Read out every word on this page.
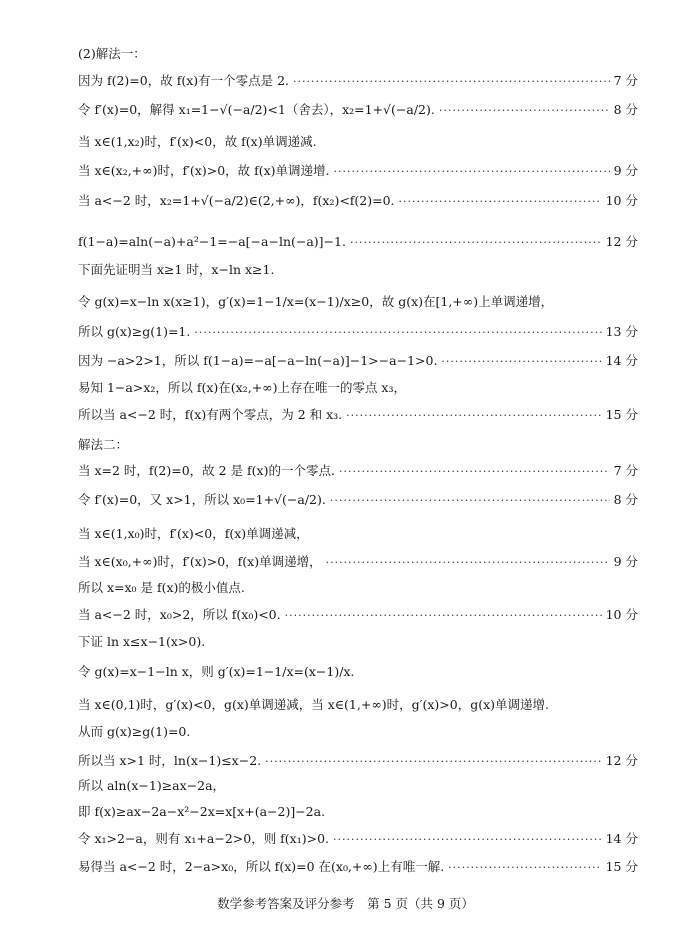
(2)解法一：
因为 f(2)=0，故 f(x)有一个零点是 2. ·····	7 分
令 f′(x)=0，解得 x₁=1−√(−a/2)<1（舍去），x₂=1+√(−a/2). ·····	8 分
当 x∈(1,x₂)时，f′(x)<0，故 f(x)单调递减.
当 x∈(x₂,+∞)时，f′(x)>0，故 f(x)单调递增. ·····	9 分
当 a<−2 时，x₂=1+√(−a/2)∈(2,+∞)，f(x₂)<f(2)=0. ·····	10 分
f(1−a)=aln(−a)+a²−1=−a[−a−ln(−a)]−1. ·····	12 分
下面先证明当 x≥1 时，x−ln x≥1.
令 g(x)=x−ln x(x≥1)，g′(x)=1−1/x=(x−1)/x≥0，故 g(x)在[1,+∞)上单调递增，
所以 g(x)≥g(1)=1. ·····	13 分
因为 −a>2>1，所以 f(1−a)=−a[−a−ln(−a)]−1>−a−1>0. ·····	14 分
易知 1−a>x₂，所以 f(x)在(x₂,+∞)上存在唯一的零点 x₃，
所以当 a<−2 时，f(x)有两个零点，为 2 和 x₃. ·····	15 分
解法二：
当 x=2 时，f(2)=0，故 2 是 f(x)的一个零点. ·····	7 分
令 f′(x)=0，又 x>1，所以 x₀=1+√(−a/2). ·····	8 分
当 x∈(1,x₀)时，f′(x)<0，f(x)单调递减，
当 x∈(x₀,+∞)时，f′(x)>0，f(x)单调递增， ·····	9 分
所以 x=x₀ 是 f(x)的极小值点.
当 a<−2 时，x₀>2，所以 f(x₀)<0. ·····	10 分
下证 ln x≤x−1(x>0).
令 g(x)=x−1−ln x，则 g′(x)=1−1/x=(x−1)/x.
当 x∈(0,1)时，g′(x)<0，g(x)单调递减，当 x∈(1,+∞)时，g′(x)>0，g(x)单调递增.
从而 g(x)≥g(1)=0.
所以当 x>1 时，ln(x−1)≤x−2. ·····	12 分
所以 aln(x−1)≥ax−2a，
即 f(x)≥ax−2a−x²−2x=x[x+(a−2)]−2a.
令 x₁>2−a，则有 x₁+a−2>0，则 f(x₁)>0. ·····	14 分
易得当 a<−2 时，2−a>x₀，所以 f(x)=0 在(x₀,+∞)上有唯一解. ·····	15 分
数学参考答案及评分参考　第 5 页（共 9 页）
